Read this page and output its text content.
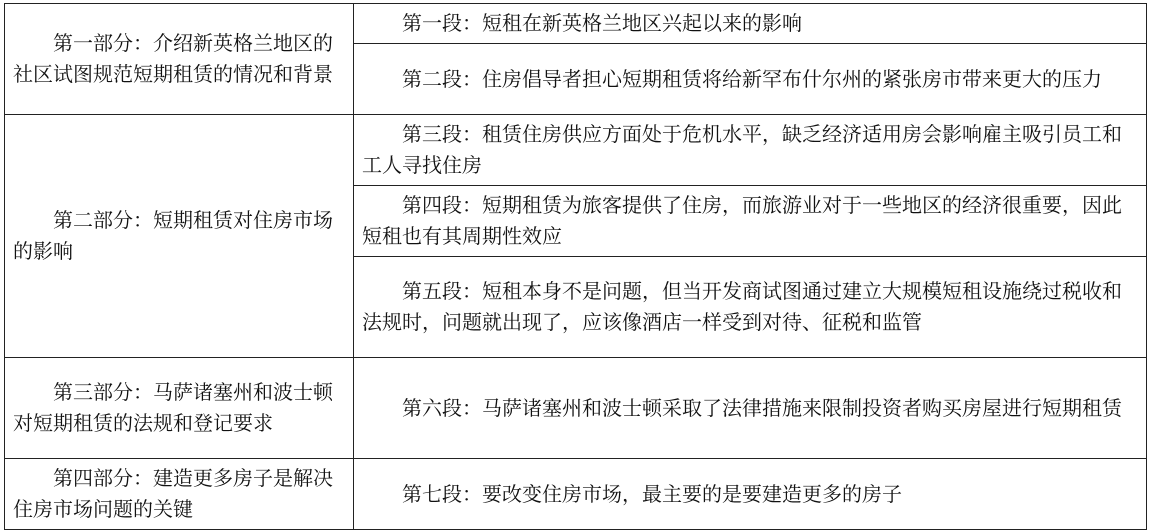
第一部分：介绍新英格兰地区的社区试图规范短期租赁的情况和背景	第一段：短租在新英格兰地区兴起以来的影响
	第二段：住房倡导者担心短期租赁将给新罕布什尔州的紧张房市带来更大的压力
第二部分：短期租赁对住房市场的影响	第三段：租赁住房供应方面处于危机水平，缺乏经济适用房会影响雇主吸引员工和工人寻找住房
	第四段：短期租赁为旅客提供了住房，而旅游业对于一些地区的经济很重要，因此短租也有其周期性效应
	第五段：短租本身不是问题，但当开发商试图通过建立大规模短租设施绕过税收和法规时，问题就出现了，应该像酒店一样受到对待、征税和监管
第三部分：马萨诸塞州和波士顿对短期租赁的法规和登记要求	第六段：马萨诸塞州和波士顿采取了法律措施来限制投资者购买房屋进行短期租赁
第四部分：建造更多房子是解决住房市场问题的关键	第七段：要改变住房市场，最主要的是要建造更多的房子
